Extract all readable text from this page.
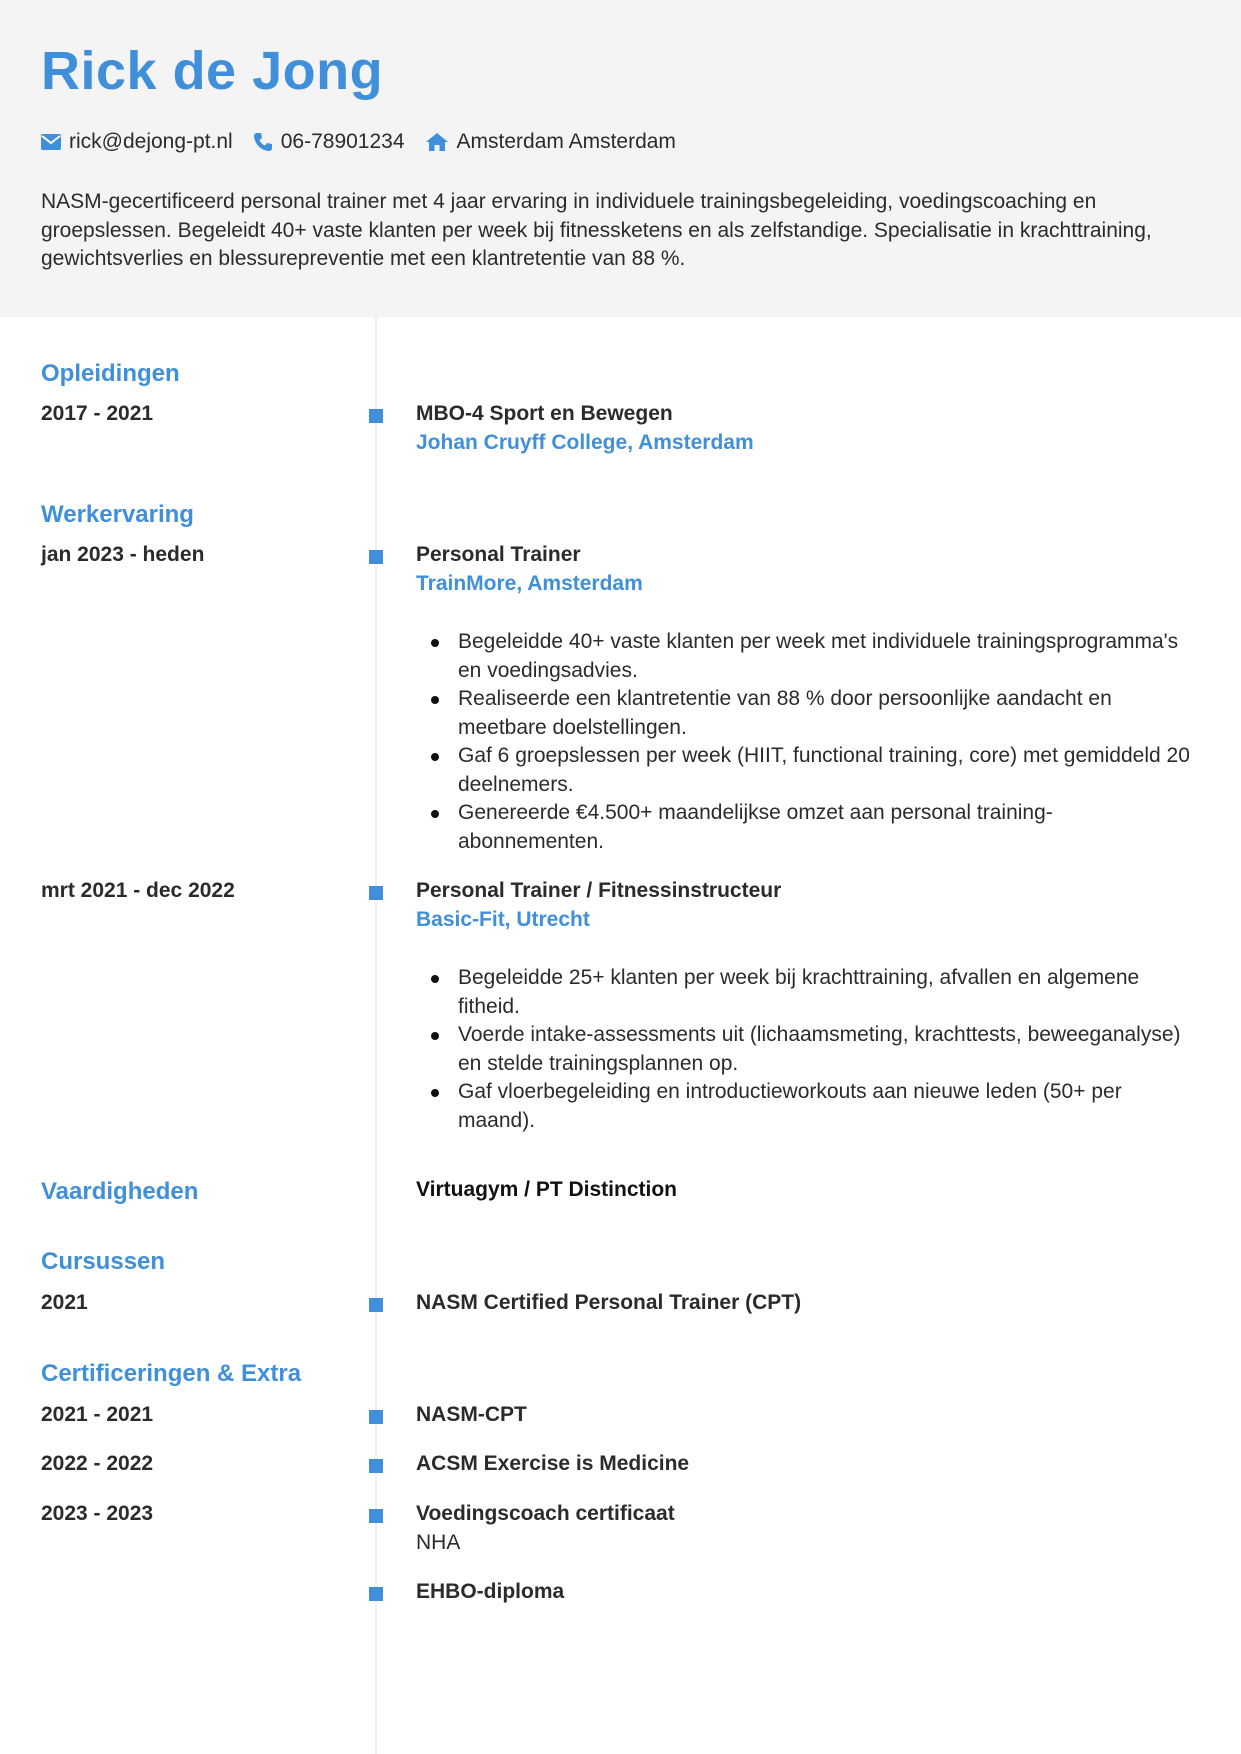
Rick de Jong
rick@dejong-pt.nl 06-78901234 Amsterdam Amsterdam

NASM-gecertificeerd personal trainer met 4 jaar ervaring in individuele trainingsbegeleiding, voedingscoaching en groepslessen. Begeleidt 40+ vaste klanten per week bij fitnessketens en als zelfstandige. Specialisatie in krachttraining, gewichtsverlies en blessurepreventie met een klantretentie van 88 %.

Opleidingen
2017 - 2021	MBO-4 Sport en Bewegen
Johan Cruyff College, Amsterdam
Werkervaring
jan 2023 - heden	Personal Trainer
TrainMore, Amsterdam
Begeleidde 40+ vaste klanten per week met individuele trainingsprogramma's en voedingsadvies.
Realiseerde een klantretentie van 88 % door persoonlijke aandacht en meetbare doelstellingen.
Gaf 6 groepslessen per week (HIIT, functional training, core) met gemiddeld 20 deelnemers.
Genereerde €4.500+ maandelijkse omzet aan personal training-abonnementen.
mrt 2021 - dec 2022	Personal Trainer / Fitnessinstructeur
Basic-Fit, Utrecht
Begeleidde 25+ klanten per week bij krachttraining, afvallen en algemene fitheid.
Voerde intake-assessments uit (lichaamsmeting, krachttests, beweeganalyse) en stelde trainingsplannen op.
Gaf vloerbegeleiding en introductieworkouts aan nieuwe leden (50+ per maand).
Vaardigheden	Virtuagym / PT Distinction
Cursussen
2021	NASM Certified Personal Trainer (CPT)
Certificeringen & Extra
2021 - 2021	NASM-CPT
2022 - 2022	ACSM Exercise is Medicine
2023 - 2023	Voedingscoach certificaat
NHA
EHBO-diploma
